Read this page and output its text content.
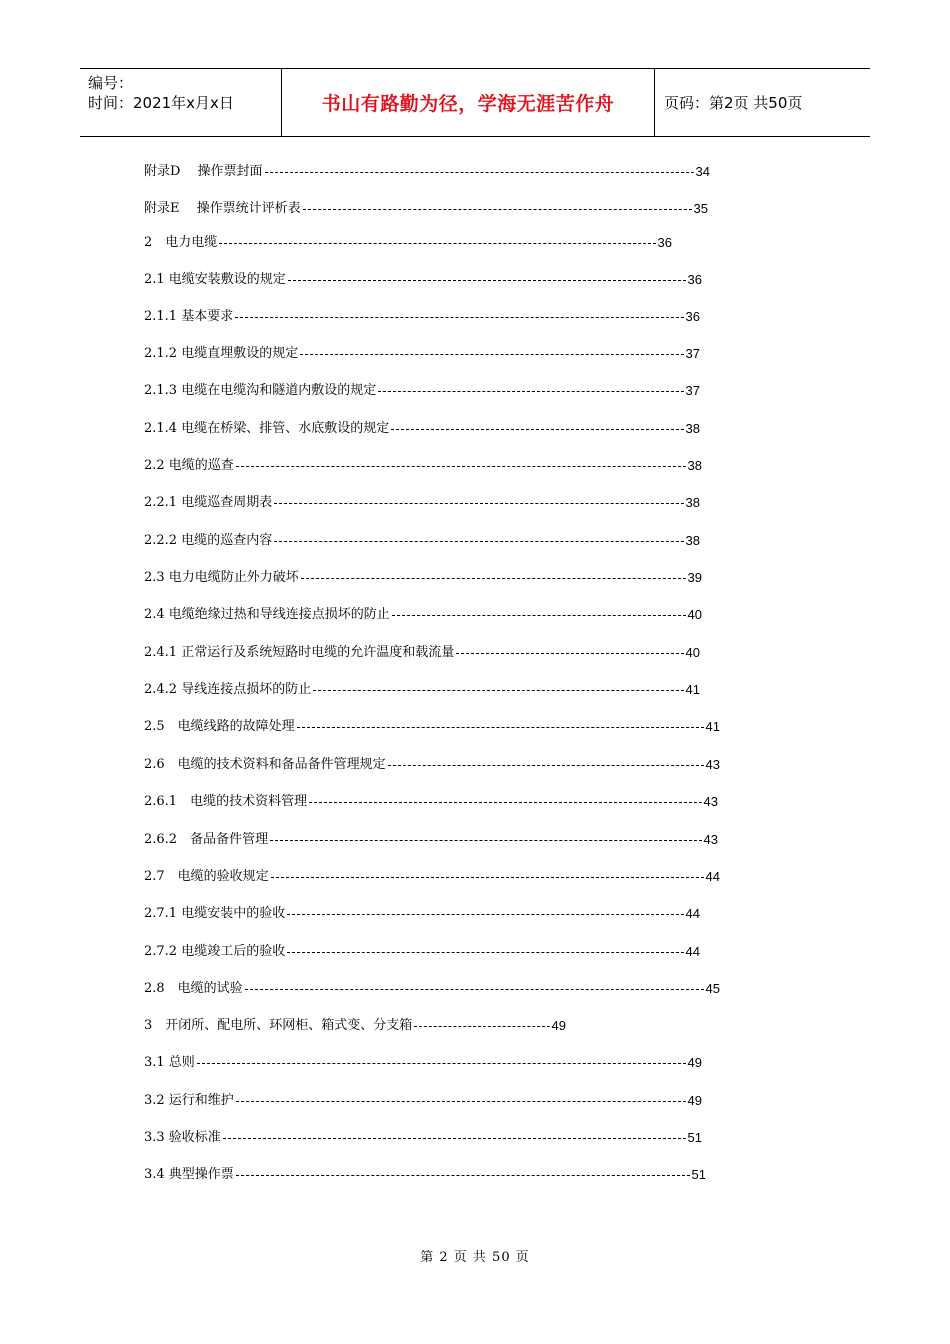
编号：
时间：2021年x月x日	书山有路勤为径，学海无涯苦作舟	页码：第2页 共50页
附录D　 操作票封面	34
附录E　 操作票统计评析表	35
2　电力电缆	36
2.1 电缆安装敷设的规定	36
2.1.1 基本要求	36
2.1.2 电缆直埋敷设的规定	37
2.1.3 电缆在电缆沟和隧道内敷设的规定	37
2.1.4 电缆在桥梁、排管、水底敷设的规定	38
2.2 电缆的巡查	38
2.2.1 电缆巡查周期表	38
2.2.2 电缆的巡查内容	38
2.3 电力电缆防止外力破坏	39
2.4 电缆绝缘过热和导线连接点损坏的防止	40
2.4.1 正常运行及系统短路时电缆的允许温度和载流量	40
2.4.2 导线连接点损坏的防止	41
2.5　电缆线路的故障处理	41
2.6　电缆的技术资料和备品备件管理规定	43
2.6.1　电缆的技术资料管理	43
2.6.2　备品备件管理	43
2.7　电缆的验收规定	44
2.7.1 电缆安装中的验收	44
2.7.2 电缆竣工后的验收	44
2.8　电缆的试验	45
3　开闭所、配电所、环网柜、箱式变、分支箱	49
3.1 总则	49
3.2 运行和维护	49
3.3 验收标准	51
3.4 典型操作票	51
第 2 页 共 50 页
